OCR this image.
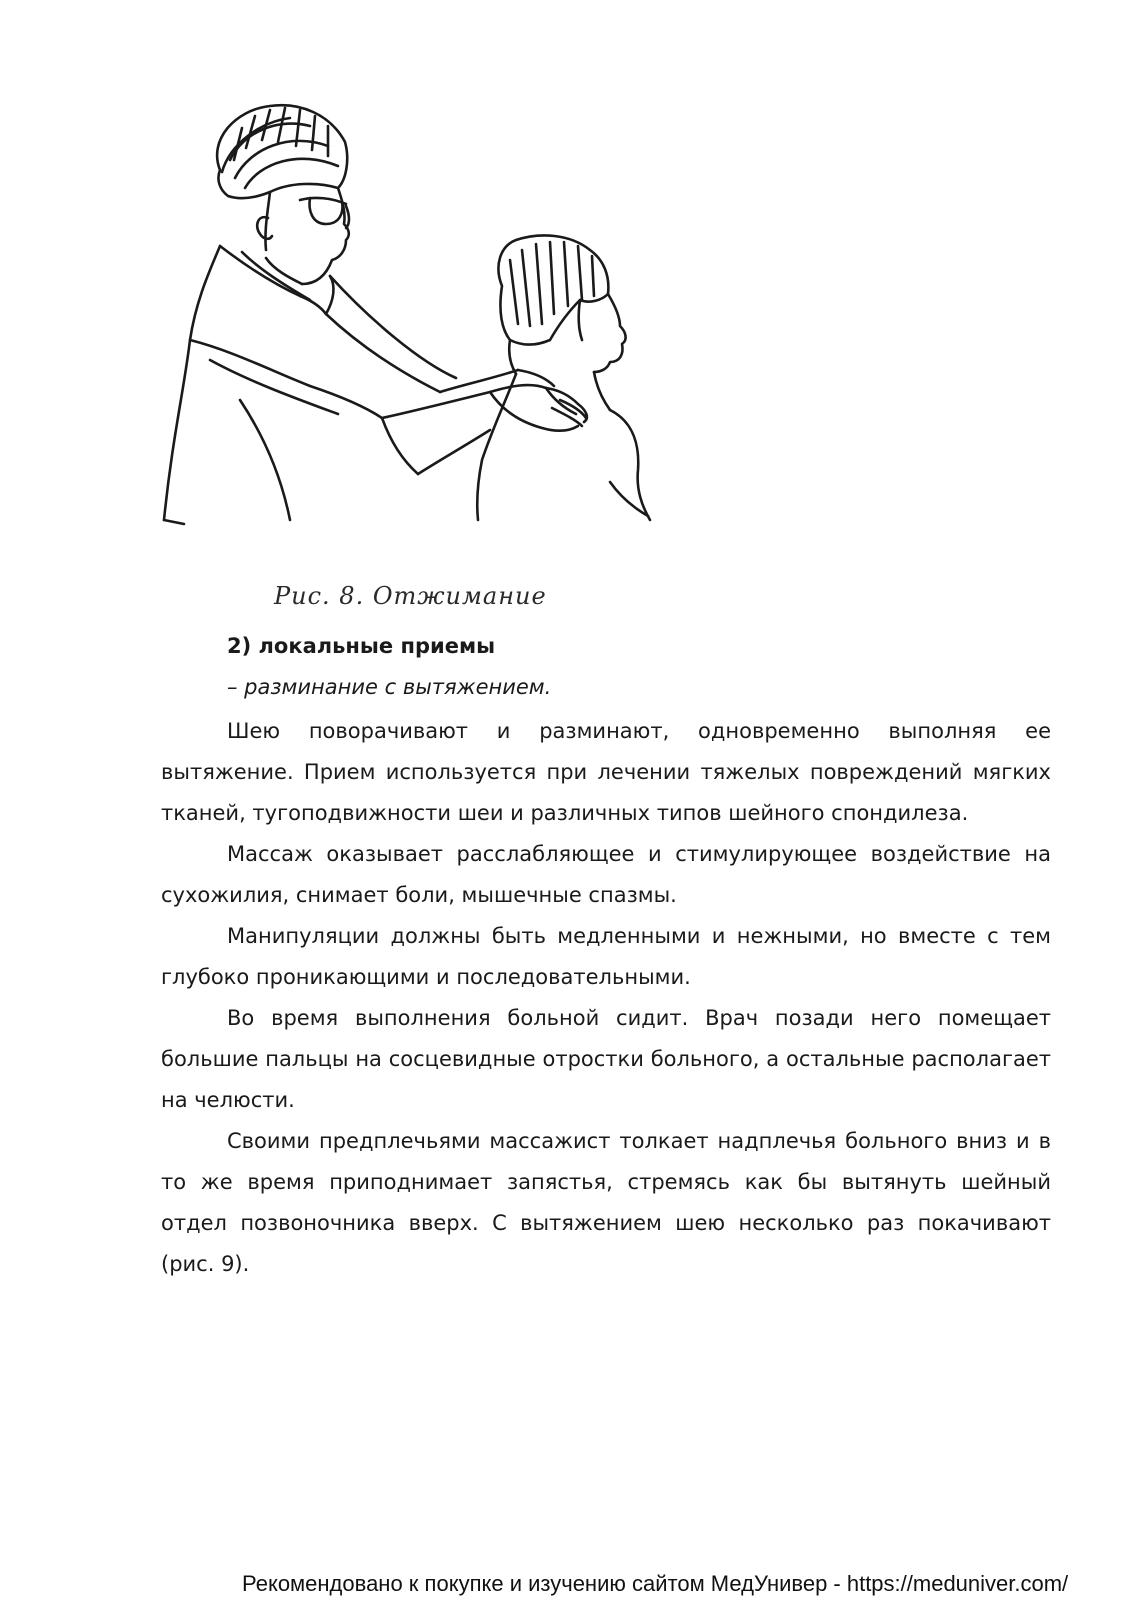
Рис. 8. Отжимание
2) локальные приемы
– разминание с вытяжением.

Шею поворачивают и разминают, одновременно выполняя ее вытяжение. Прием используется при лечении тяжелых повреждений мягких тканей, тугоподвижности шеи и различных типов шейного спондилеза.

Массаж оказывает расслабляющее и стимулирующее воздействие на сухожилия, снимает боли, мышечные спазмы.

Манипуляции должны быть медленными и нежными, но вместе с тем глубоко проникающими и последовательными.

Во время выполнения больной сидит. Врач позади него помещает большие пальцы на сосцевидные отростки больного, а остальные располагает на челюсти.

Своими предплечьями массажист толкает надплечья больного вниз и в то же время приподнимает запястья, стремясь как бы вытянуть шейный отдел позвоночника вверх. С вытяжением шею несколько раз покачивают (рис. 9).

Рекомендовано к покупке и изучению сайтом МедУнивер - https://meduniver.com/
